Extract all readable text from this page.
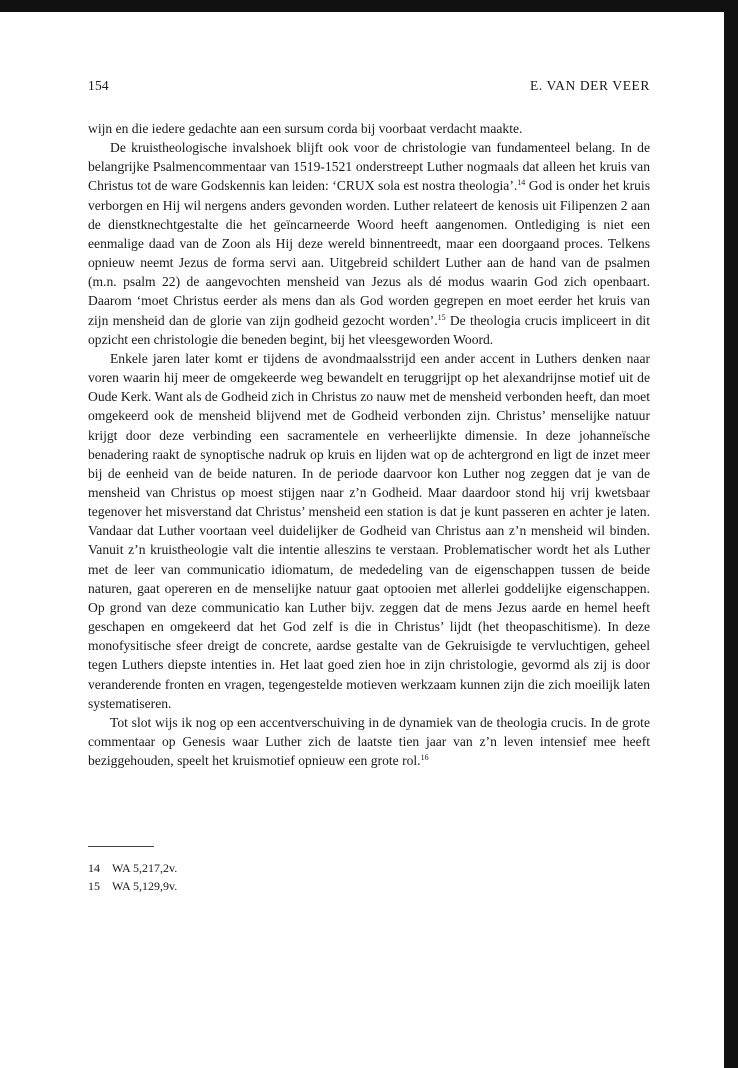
154	E. VAN DER VEER

wijn en die iedere gedachte aan een sursum corda bij voorbaat verdacht maakte.

De kruistheologische invalshoek blijft ook voor de christologie van fundamenteel belang. In de belangrijke Psalmencommentaar van 1519-1521 onderstreept Luther nogmaals dat alleen het kruis van Christus tot de ware Godskennis kan leiden: ‘CRUX sola est nostra theologia’.$^{14}$ God is onder het kruis verborgen en Hij wil nergens anders gevonden worden. Luther relateert de kenosis uit Filipenzen 2 aan de dienstknechtgestalte die het geïncarneerde Woord heeft aangenomen. Ontlediging is niet een eenmalige daad van de Zoon als Hij deze wereld binnentreedt, maar een doorgaand proces. Telkens opnieuw neemt Jezus de forma servi aan. Uitgebreid schildert Luther aan de hand van de psalmen (m.n. psalm 22) de aangevochten mensheid van Jezus als dé modus waarin God zich openbaart. Daarom ‘moet Christus eerder als mens dan als God worden gegrepen en moet eerder het kruis van zijn mensheid dan de glorie van zijn godheid gezocht worden’.$^{15}$ De theologia crucis impliceert in dit opzicht een christologie die beneden begint, bij het vleesgeworden Woord.

Enkele jaren later komt er tijdens de avondmaalsstrijd een ander accent in Luthers denken naar voren waarin hij meer de omgekeerde weg bewandelt en teruggrijpt op het alexandrijnse motief uit de Oude Kerk. Want als de Godheid zich in Christus zo nauw met de mensheid verbonden heeft, dan moet omgekeerd ook de mensheid blijvend met de Godheid verbonden zijn. Christus’ menselijke natuur krijgt door deze verbinding een sacramentele en verheerlijkte dimensie. In deze johanneïsche benadering raakt de synoptische nadruk op kruis en lijden wat op de achtergrond en ligt de inzet meer bij de eenheid van de beide naturen. In de periode daarvoor kon Luther nog zeggen dat je van de mensheid van Christus op moest stijgen naar z’n Godheid. Maar daardoor stond hij vrij kwetsbaar tegenover het misverstand dat Christus’ mensheid een station is dat je kunt passeren en achter je laten. Vandaar dat Luther voortaan veel duidelijker de Godheid van Christus aan z’n mensheid wil binden. Vanuit z’n kruistheologie valt die intentie alleszins te verstaan. Problematischer wordt het als Luther met de leer van communicatio idiomatum, de mededeling van de eigenschappen tussen de beide naturen, gaat opereren en de menselijke natuur gaat optooien met allerlei goddelijke eigenschappen. Op grond van deze communicatio kan Luther bijv. zeggen dat de mens Jezus aarde en hemel heeft geschapen en omgekeerd dat het God zelf is die in Christus’ lijdt (het theopaschitisme). In deze monofysitische sfeer dreigt de concrete, aardse gestalte van de Gekruisigde te vervluchtigen, geheel tegen Luthers diepste intenties in. Het laat goed zien hoe in zijn christologie, gevormd als zij is door veranderende fronten en vragen, tegengestelde motieven werkzaam kunnen zijn die zich moeilijk laten systematiseren.

Tot slot wijs ik nog op een accentverschuiving in de dynamiek van de theologia crucis. In de grote commentaar op Genesis waar Luther zich de laatste tien jaar van z’n leven intensief mee heeft beziggehouden, speelt het kruismotief opnieuw een grote rol.$^{16}$

14 WA 5,217,2v.

15 WA 5,129,9v.
